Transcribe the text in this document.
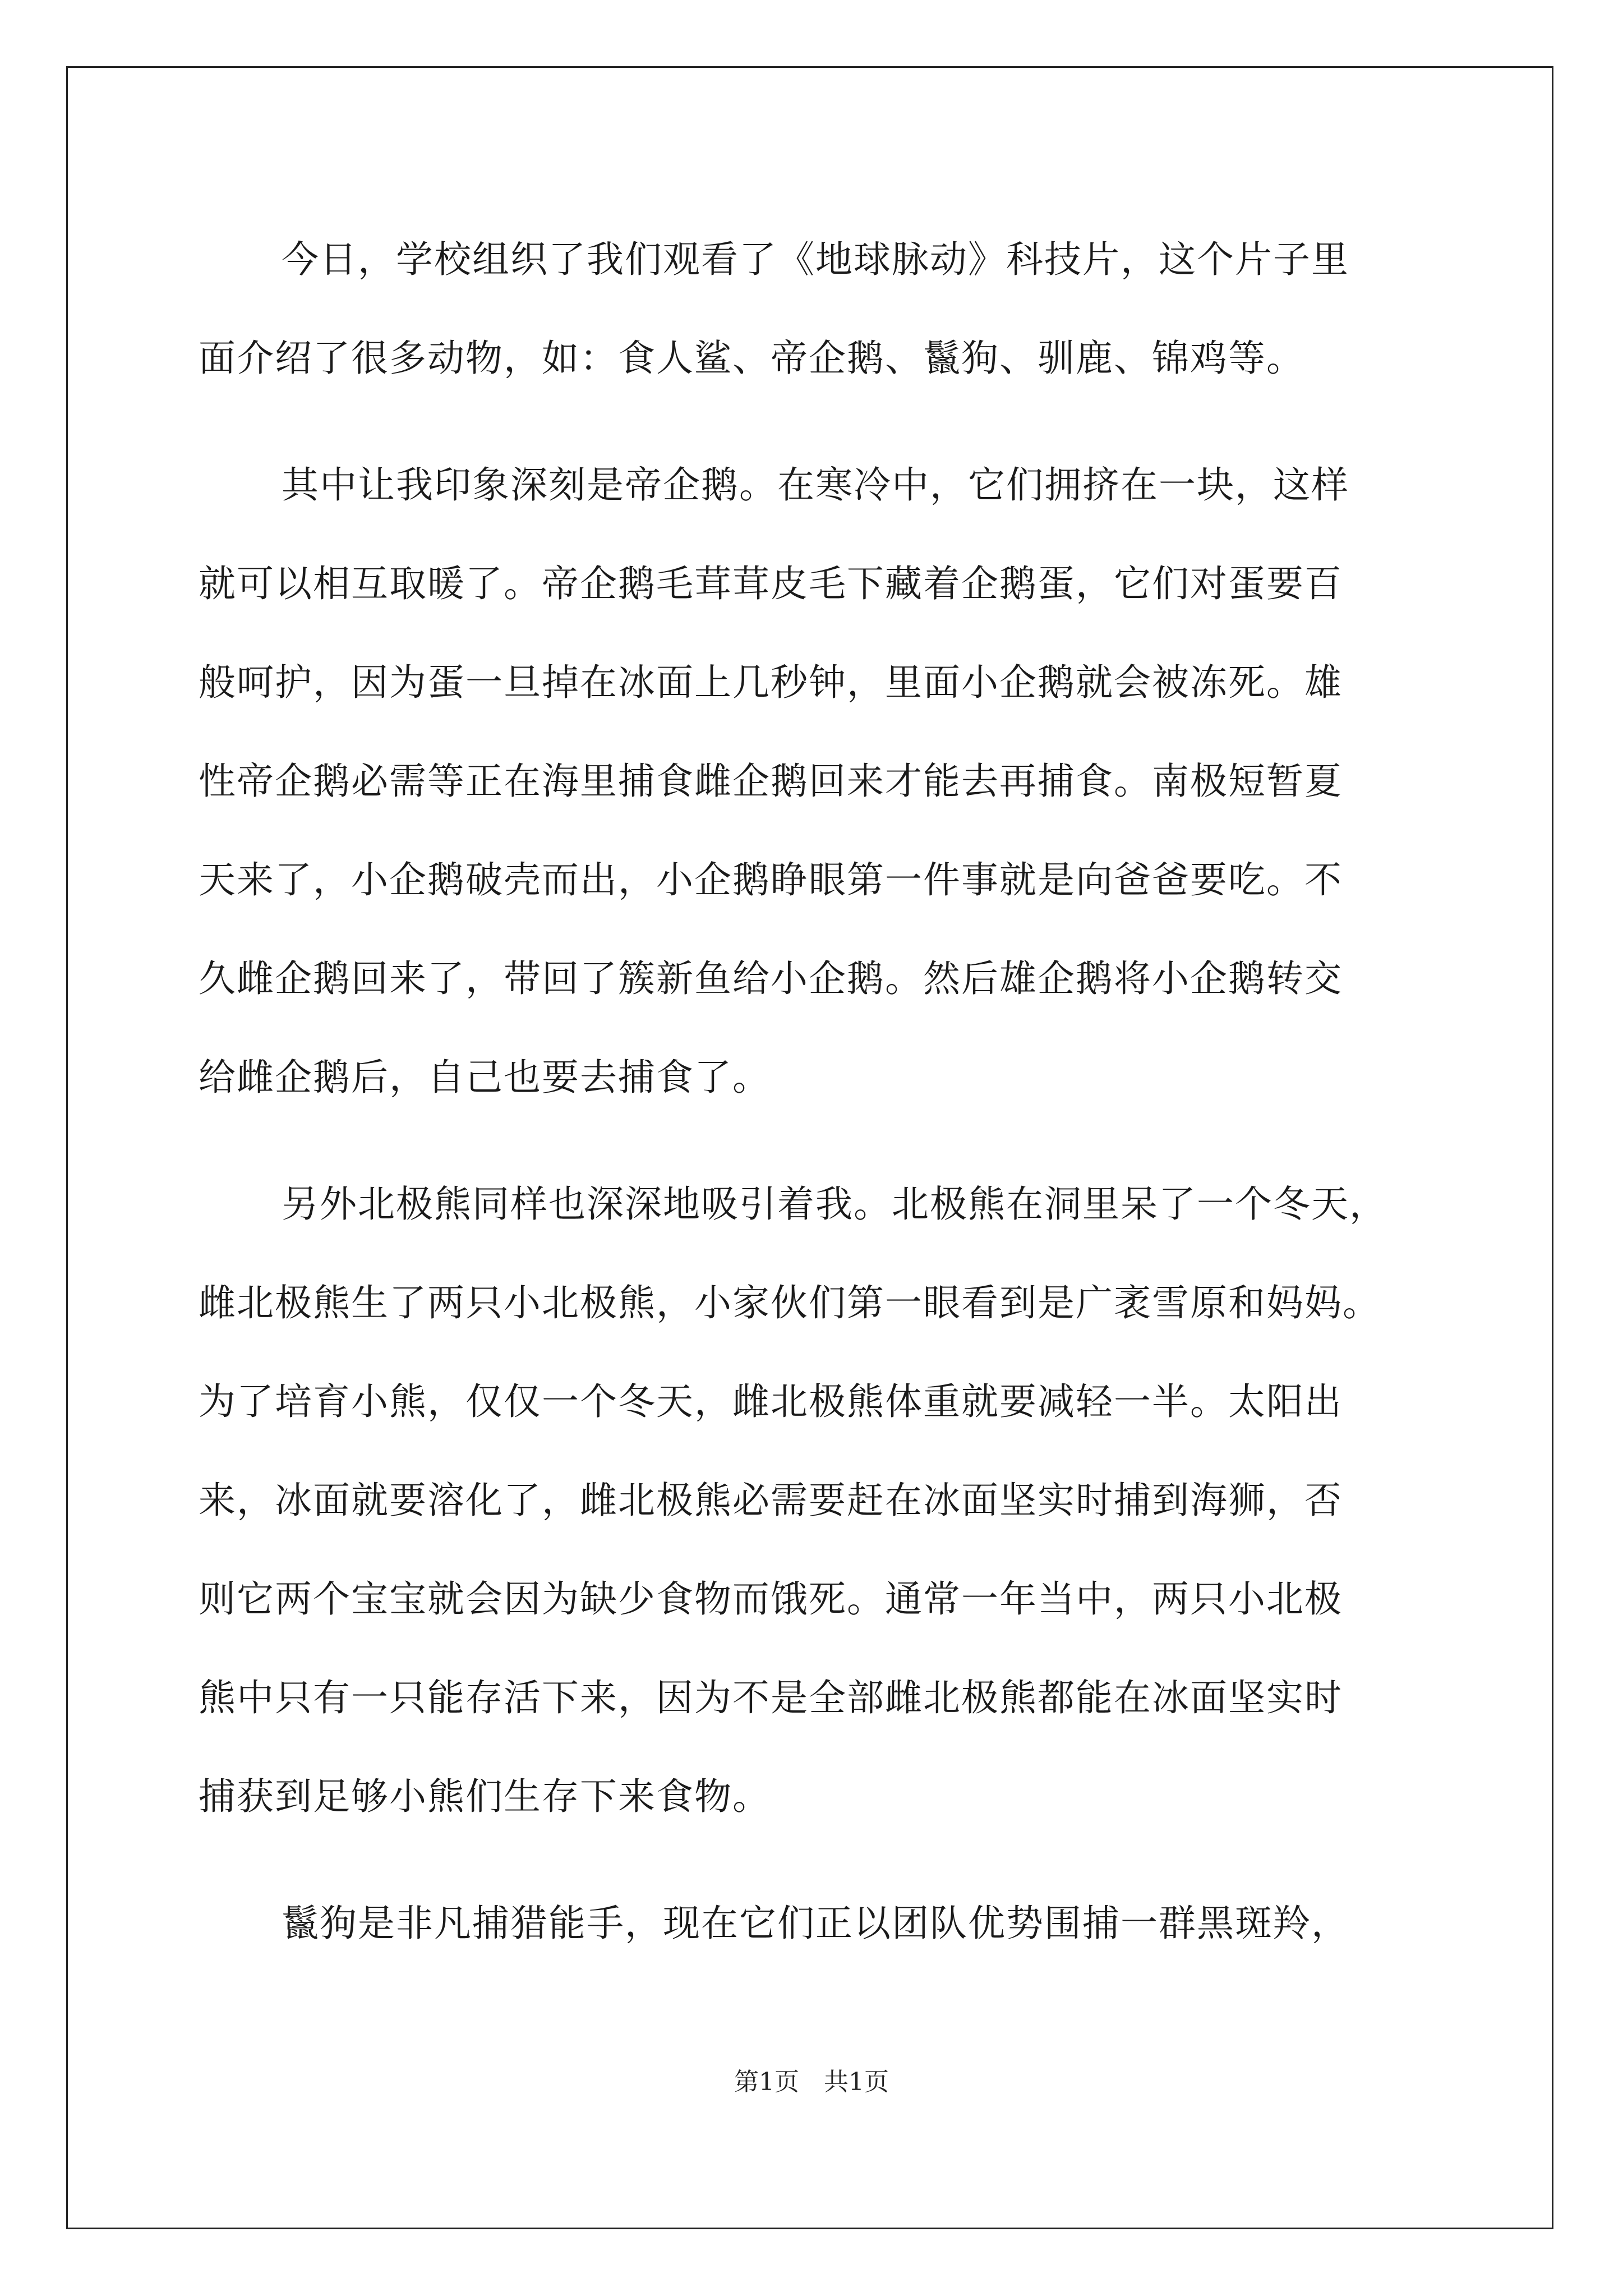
今日，学校组织了我们观看了《地球脉动》科技片，这个片子里
面介绍了很多动物，如：食人鲨、帝企鹅、鬣狗、驯鹿、锦鸡等。
其中让我印象深刻是帝企鹅。在寒冷中，它们拥挤在一块，这样
就可以相互取暖了。帝企鹅毛茸茸皮毛下藏着企鹅蛋，它们对蛋要百
般呵护，因为蛋一旦掉在冰面上几秒钟，里面小企鹅就会被冻死。雄
性帝企鹅必需等正在海里捕食雌企鹅回来才能去再捕食。南极短暂夏
天来了，小企鹅破壳而出，小企鹅睁眼第一件事就是向爸爸要吃。不
久雌企鹅回来了，带回了簇新鱼给小企鹅。然后雄企鹅将小企鹅转交
给雌企鹅后，自己也要去捕食了。
另外北极熊同样也深深地吸引着我。北极熊在洞里呆了一个冬天，
雌北极熊生了两只小北极熊，小家伙们第一眼看到是广袤雪原和妈妈。
为了培育小熊，仅仅一个冬天，雌北极熊体重就要减轻一半。太阳出
来，冰面就要溶化了，雌北极熊必需要赶在冰面坚实时捕到海狮，否
则它两个宝宝就会因为缺少食物而饿死。通常一年当中，两只小北极
熊中只有一只能存活下来，因为不是全部雌北极熊都能在冰面坚实时
捕获到足够小熊们生存下来食物。
鬣狗是非凡捕猎能手，现在它们正以团队优势围捕一群黑斑羚，
第1页　共1页
